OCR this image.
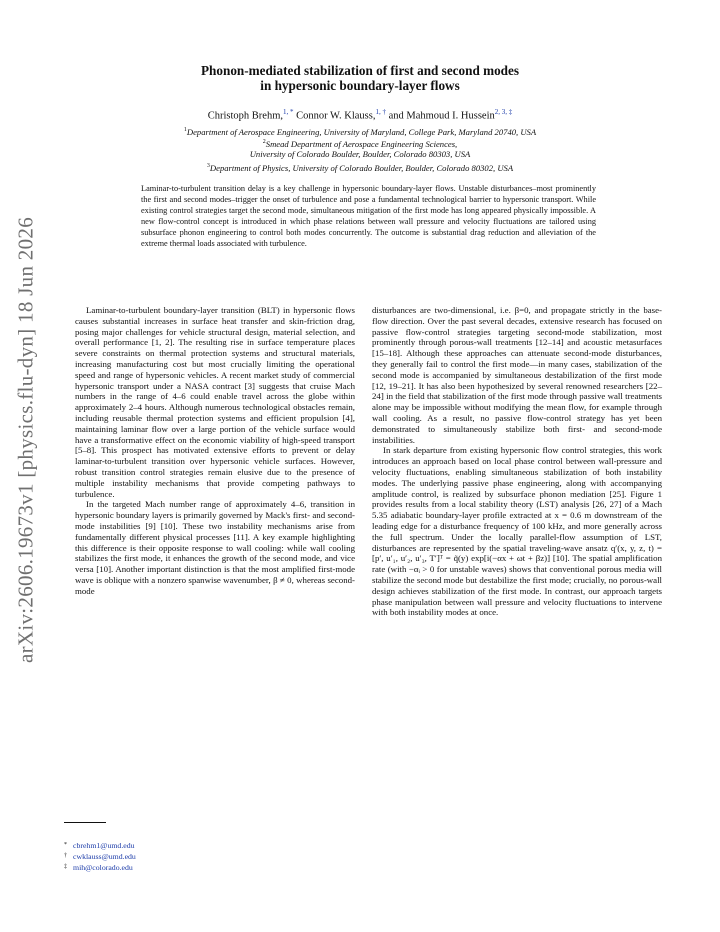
arXiv:2606.19673v1 [physics.flu-dyn] 18 Jun 2026
Phonon-mediated stabilization of first and second modes
in hypersonic boundary-layer flows
Christoph Brehm,$^{1, *}$ Connor W. Klauss,$^{1, \dagger}$ and Mahmoud I. Hussein$^{2, 3, \ddagger}$
$^1$Department of Aerospace Engineering, University of Maryland, College Park, Maryland 20740, USA
$^2$Smead Department of Aerospace Engineering Sciences,
University of Colorado Boulder, Boulder, Colorado 80303, USA
$^3$Department of Physics, University of Colorado Boulder, Boulder, Colorado 80302, USA
Laminar-to-turbulent transition delay is a key challenge in hypersonic boundary-layer flows. Unstable disturbances–most prominently the first and second modes–trigger the onset of turbulence and pose a fundamental technological barrier to hypersonic transport. While existing control strategies target the second mode, simultaneous mitigation of the first mode has long appeared physically impossible. A new flow-control concept is introduced in which phase relations between wall pressure and velocity fluctuations are tailored using subsurface phonon engineering to control both modes concurrently. The outcome is substantial drag reduction and alleviation of the extreme thermal loads associated with turbulence.

Laminar-to-turbulent boundary-layer transition (BLT) in hypersonic flows causes substantial increases in surface heat transfer and skin-friction drag, posing major challenges for vehicle structural design, material selection, and overall performance [1, 2]. The resulting rise in surface temperature places severe constraints on thermal protection systems and structural materials, increasing manufacturing cost but most crucially limiting the operational speed and range of hypersonic vehicles. A recent market study of commercial hypersonic transport under a NASA contract [3] suggests that cruise Mach numbers in the range of 4–6 could enable travel across the globe within approximately 2–4 hours. Although numerous technological obstacles remain, including reusable thermal protection systems and efficient propulsion [4], maintaining laminar flow over a large portion of the vehicle surface would have a transformative effect on the economic viability of high-speed transport [5–8]. This prospect has motivated extensive efforts to prevent or delay laminar-to-turbulent transition over hypersonic vehicle surfaces. However, robust transition control strategies remain elusive due to the presence of multiple instability mechanisms that provide competing pathways to turbulence.

In the targeted Mach number range of approximately 4–6, transition in hypersonic boundary layers is primarily governed by Mack's first- and second-mode instabilities [9] [10]. These two instability mechanisms arise from fundamentally different physical processes [11]. A key example highlighting this difference is their opposite response to wall cooling: while wall cooling stabilizes the first mode, it enhances the growth of the second mode, and vice versa [10]. Another important distinction is that the most amplified first-mode wave is oblique with a nonzero spanwise wavenumber, β ≠ 0, whereas second-mode

disturbances are two-dimensional, i.e. β=0, and propagate strictly in the base-flow direction. Over the past several decades, extensive research has focused on passive flow-control strategies targeting second-mode stabilization, most prominently through porous-wall treatments [12–14] and acoustic metasurfaces [15–18]. Although these approaches can attenuate second-mode disturbances, they generally fail to control the first mode—in many cases, stabilization of the second mode is accompanied by simultaneous destabilization of the first mode [12, 19–21]. It has also been hypothesized by several renowned researchers [22–24] in the field that stabilization of the first mode through passive wall treatments alone may be impossible without modifying the mean flow, for example through wall cooling. As a result, no passive flow-control strategy has yet been demonstrated to simultaneously stabilize both first- and second-mode instabilities.

In stark departure from existing hypersonic flow control strategies, this work introduces an approach based on local phase control between wall-pressure and velocity fluctuations, enabling simultaneous stabilization of both instability modes. The underlying passive phase engineering, along with accompanying amplitude control, is realized by subsurface phonon mediation [25]. Figure 1 provides results from a local stability theory (LST) analysis [26, 27] of a Mach 5.35 adiabatic boundary-layer profile extracted at x = 0.6 m downstream of the leading edge for a disturbance frequency of 100 kHz, and more generally across the full spectrum. Under the locally parallel-flow assumption of LST, disturbances are represented by the spatial traveling-wave ansatz q′(x, y, z, t) = [p′, u′₁, u′₂, u′₃, T′]ᵀ = q̃(y) exp[i(−αx + ωt + βz)] [10]. The spatial amplification rate (with −αᵢ > 0 for unstable waves) shows that conventional porous media will stabilize the second mode but destabilize the first mode; crucially, no porous-wall design achieves stabilization of the first mode. In contrast, our approach targets phase manipulation between wall pressure and velocity fluctuations to intervene with both instability modes at once.

* cbrehm1@umd.edu
† cwklauss@umd.edu
‡ mih@colorado.edu
